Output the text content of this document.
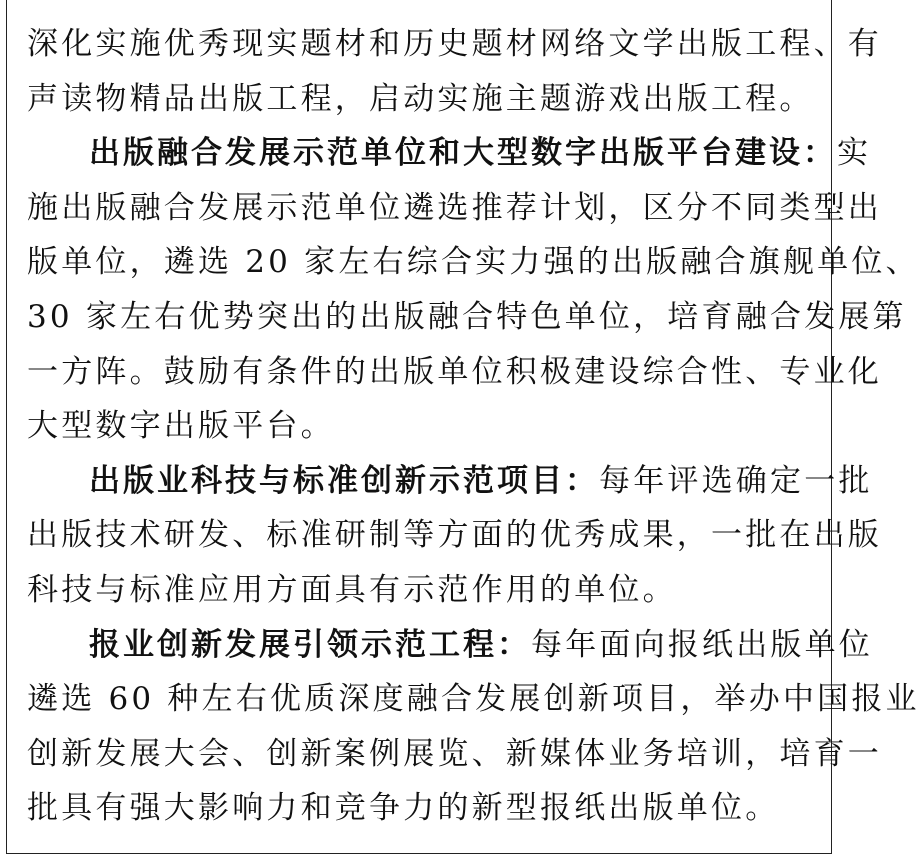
深化实施优秀现实题材和历史题材网络文学出版工程、有
声读物精品出版工程，启动实施主题游戏出版工程。
出版融合发展示范单位和大型数字出版平台建设：实
施出版融合发展示范单位遴选推荐计划，区分不同类型出
版单位，遴选 20 家左右综合实力强的出版融合旗舰单位、
30 家左右优势突出的出版融合特色单位，培育融合发展第
一方阵。鼓励有条件的出版单位积极建设综合性、专业化
大型数字出版平台。
出版业科技与标准创新示范项目：每年评选确定一批
出版技术研发、标准研制等方面的优秀成果，一批在出版
科技与标准应用方面具有示范作用的单位。
报业创新发展引领示范工程：每年面向报纸出版单位
遴选 60 种左右优质深度融合发展创新项目，举办中国报业
创新发展大会、创新案例展览、新媒体业务培训，培育一
批具有强大影响力和竞争力的新型报纸出版单位。
